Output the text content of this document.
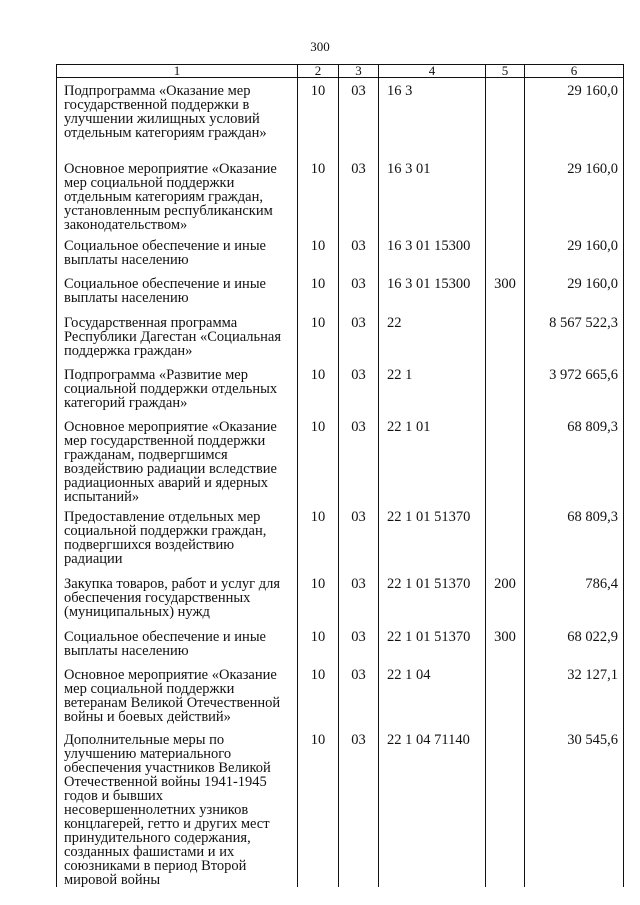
300
1	2	3	4	5	6
Подпрограмма «Оказание мер государственной поддержки в улучшении жилищных условий отдельным категориям граждан»	10	03	16 3		29 160,0
Основное мероприятие «Оказание мер социальной поддержки отдельным категориям граждан, установленным республиканским законодательством»	10	03	16 3 01		29 160,0
Социальное обеспечение и иные выплаты населению	10	03	16 3 01 15300		29 160,0
Социальное обеспечение и иные выплаты населению	10	03	16 3 01 15300	300	29 160,0
Государственная программа Республики Дагестан «Социальная поддержка граждан»	10	03	22		8 567 522,3
Подпрограмма «Развитие мер социальной поддержки отдельных категорий граждан»	10	03	22 1		3 972 665,6
Основное мероприятие «Оказание мер государственной поддержки гражданам, подвергшимся воздействию радиации вследствие радиационных аварий и ядерных испытаний»	10	03	22 1 01		68 809,3
Предоставление отдельных мер социальной поддержки граждан, подвергшихся воздействию радиации	10	03	22 1 01 51370		68 809,3
Закупка товаров, работ и услуг для обеспечения государственных (муниципальных) нужд	10	03	22 1 01 51370	200	786,4
Социальное обеспечение и иные выплаты населению	10	03	22 1 01 51370	300	68 022,9
Основное мероприятие «Оказание мер социальной поддержки ветеранам Великой Отечественной войны и боевых действий»	10	03	22 1 04		32 127,1
Дополнительные меры по улучшению материального обеспечения участников Великой Отечественной войны 1941-1945 годов и бывших несовершеннолетних узников концлагерей, гетто и других мест принудительного содержания, созданных фашистами и их союзниками в период Второй мировой войны	10	03	22 1 04 71140		30 545,6
